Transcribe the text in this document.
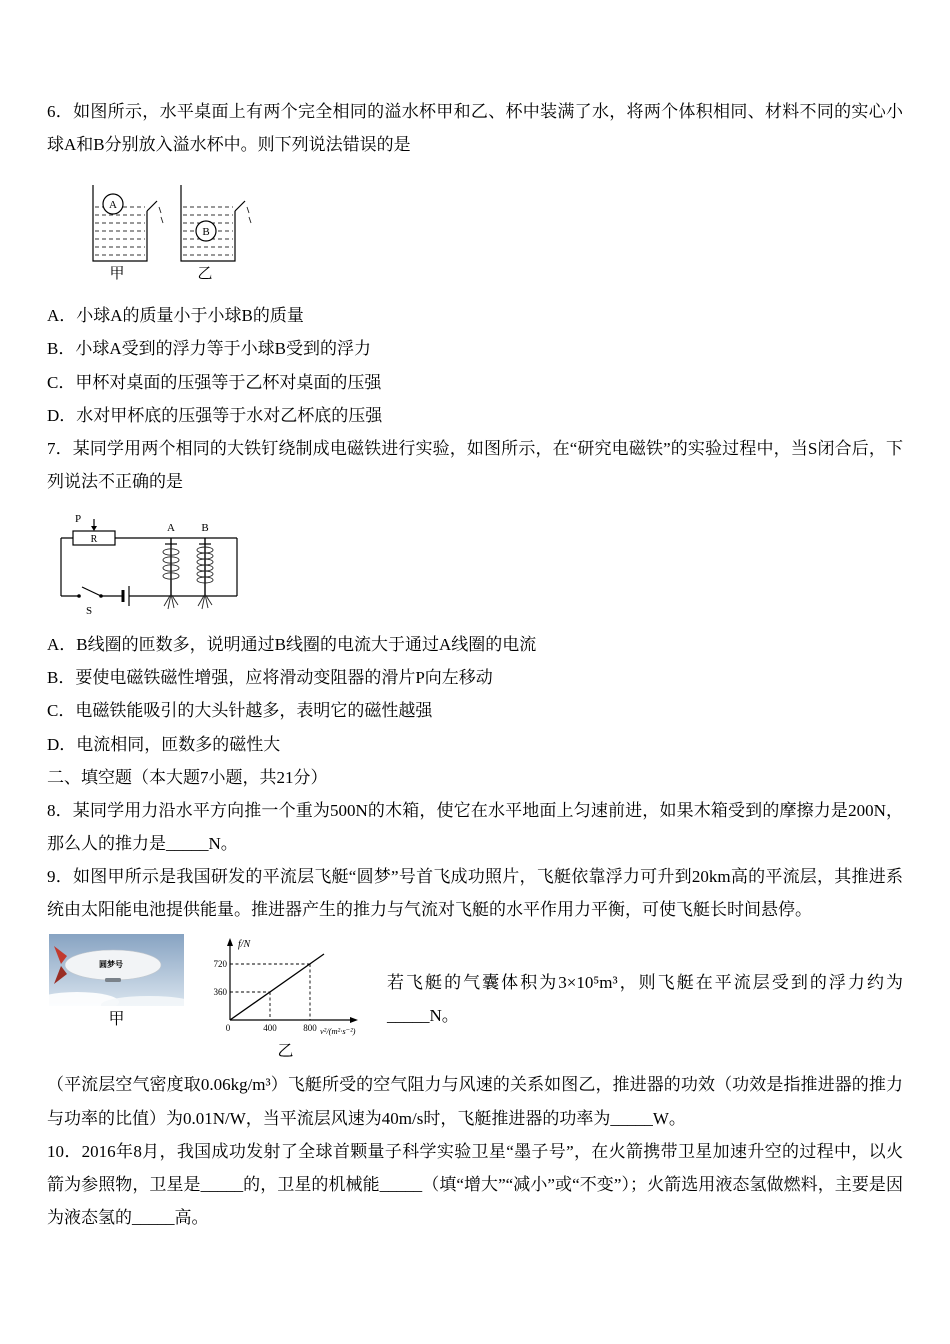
6．如图所示，水平桌面上有两个完全相同的溢水杯甲和乙、杯中装满了水，将两个体积相同、材料不同的实心小球A和B分别放入溢水杯中。则下列说法错误的是

A
B
甲	乙

A．小球A的质量小于小球B的质量

B．小球A受到的浮力等于小球B受到的浮力

C．甲杯对桌面的压强等于乙杯对桌面的压强

D．水对甲杯底的压强等于水对乙杯底的压强

7．某同学用两个相同的大铁钉绕制成电磁铁进行实验，如图所示，在“研究电磁铁”的实验过程中，当S闭合后，下列说法不正确的是

S
R
P
A B

A．B线圈的匝数多，说明通过B线圈的电流大于通过A线圈的电流

B．要使电磁铁磁性增强，应将滑动变阻器的滑片P向左移动

C．电磁铁能吸引的大头针越多，表明它的磁性越强

D．电流相同，匝数多的磁性大

二、填空题（本大题7小题，共21分）

8．某同学用力沿水平方向推一个重为500N的木箱，使它在水平地面上匀速前进，如果木箱受到的摩擦力是200N，那么人的推力是_____N。

9．如图甲所示是我国研发的平流层飞艇“圆梦”号首飞成功照片，飞艇依靠浮力可升到20km高的平流层，其推进系统由太阳能电池提供能量。推进器产生的推力与气流对飞艇的水平作用力平衡，可使飞艇长时间悬停。

圆梦号
甲
f/N
720
360
0	400	800 v²/(m²·s⁻²)
乙
若飞艇的气囊体积为3×10⁵m³，则飞艇在平流层受到的浮力约为_____N。

（平流层空气密度取0.06kg/m³）飞艇所受的空气阻力与风速的关系如图乙，推进器的功效（功效是指推进器的推力与功率的比值）为0.01N/W，当平流层风速为40m/s时，飞艇推进器的功率为_____W。

10．2016年8月，我国成功发射了全球首颗量子科学实验卫星“墨子号”，在火箭携带卫星加速升空的过程中，以火箭为参照物，卫星是_____的，卫星的机械能_____（填“增大”“减小”或“不变”）；火箭选用液态氢做燃料，主要是因为液态氢的_____高。
